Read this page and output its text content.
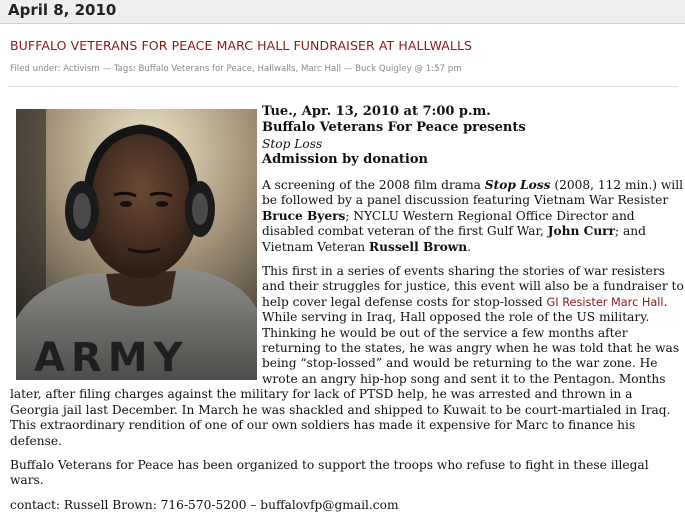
April 8, 2010
BUFFALO VETERANS FOR PEACE MARC HALL FUNDRAISER AT HALLWALLS
Filed under: Activism — Tags: Buffalo Veterans for Peace, Hallwalls, Marc Hall — Buck Quigley @ 1:57 pm
ARMY
Tue., Apr. 13, 2010 at 7:00 p.m.
Buffalo Veterans For Peace presents
Stop Loss
Admission by donation

A screening of the 2008 film drama Stop Loss (2008, 112 min.) will be followed by a panel discussion featuring Vietnam War Resister Bruce Byers; NYCLU Western Regional Office Director and disabled combat veteran of the first Gulf War, John Curr; and Vietnam Veteran Russell Brown.

This first in a series of events sharing the stories of war resisters and their struggles for justice, this event will also be a fundraiser to help cover legal defense costs for stop-lossed GI Resister Marc Hall. While serving in Iraq, Hall opposed the role of the US military. Thinking he would be out of the service a few months after returning to the states, he was angry when he was told that he was being “stop-lossed” and would be returning to the war zone. He wrote an angry hip-hop song and sent it to the Pentagon. Months later, after filing charges against the military for lack of PTSD help, he was arrested and thrown in a Georgia jail last December. In March he was shackled and shipped to Kuwait to be court-martialed in Iraq. This extraordinary rendition of one of our own soldiers has made it expensive for Marc to finance his defense.

Buffalo Veterans for Peace has been organized to support the troops who refuse to fight in these illegal wars.

contact: Russell Brown: 716-570-5200 – buffalovfp@gmail.com
